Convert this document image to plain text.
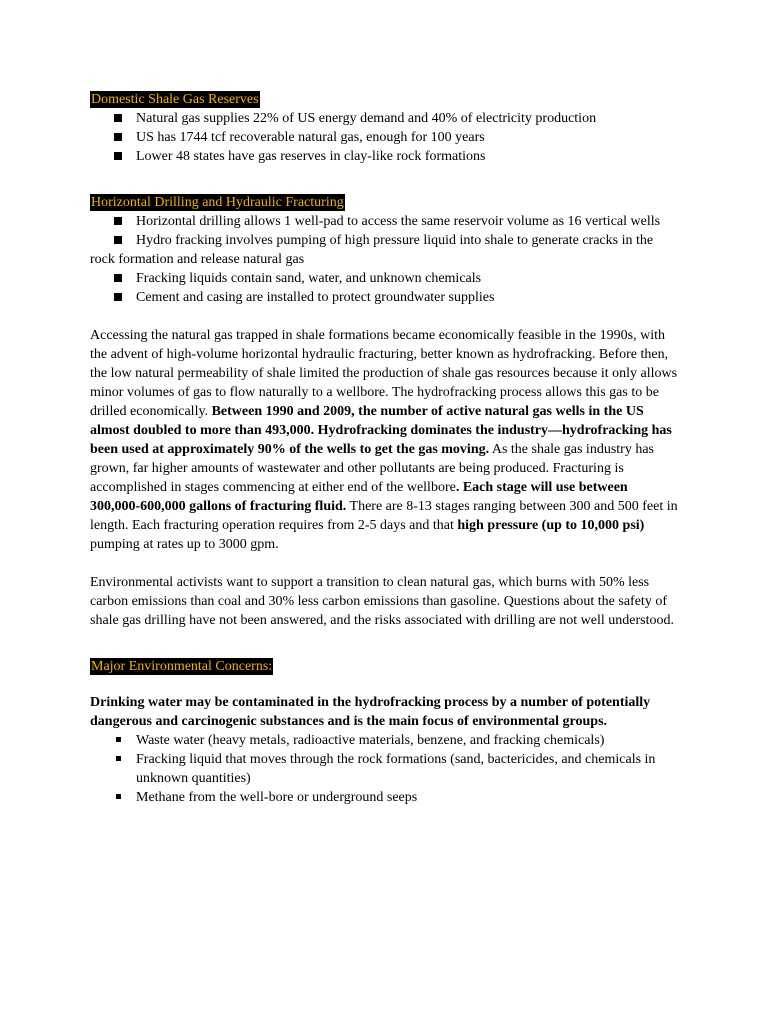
Domestic Shale Gas Reserves
Natural gas supplies 22% of US energy demand and 40% of electricity production
US has 1744 tcf recoverable natural gas, enough for 100 years
Lower 48 states have gas reserves in clay-like rock formations
Horizontal Drilling and Hydraulic Fracturing
Horizontal drilling allows 1 well-pad to access the same reservoir volume as 16 vertical wells
Hydro fracking involves pumping of high pressure liquid into shale to generate cracks in the rock formation and release natural gas
Fracking liquids contain sand, water, and unknown chemicals
Cement and casing are installed to protect groundwater supplies

Accessing the natural gas trapped in shale formations became economically feasible in the 1990s, with the advent of high-volume horizontal hydraulic fracturing, better known as hydrofracking. Before then, the low natural permeability of shale limited the production of shale gas resources because it only allows minor volumes of gas to flow naturally to a wellbore. The hydrofracking process allows this gas to be drilled economically. Between 1990 and 2009, the number of active natural gas wells in the US almost doubled to more than 493,000. Hydrofracking dominates the industry—hydrofracking has been used at approximately 90% of the wells to get the gas moving. As the shale gas industry has grown, far higher amounts of wastewater and other pollutants are being produced. Fracturing is accomplished in stages commencing at either end of the wellbore. Each stage will use between 300,000-600,000 gallons of fracturing fluid. There are 8-13 stages ranging between 300 and 500 feet in length. Each fracturing operation requires from 2-5 days and that high pressure (up to 10,000 psi) pumping at rates up to 3000 gpm.

Environmental activists want to support a transition to clean natural gas, which burns with 50% less carbon emissions than coal and 30% less carbon emissions than gasoline. Questions about the safety of shale gas drilling have not been answered, and the risks associated with drilling are not well understood.

Major Environmental Concerns:

Drinking water may be contaminated in the hydrofracking process by a number of potentially dangerous and carcinogenic substances and is the main focus of environmental groups.

Waste water (heavy metals, radioactive materials, benzene, and fracking chemicals)
Fracking liquid that moves through the rock formations (sand, bactericides, and chemicals in unknown quantities)
Methane from the well-bore or underground seeps
